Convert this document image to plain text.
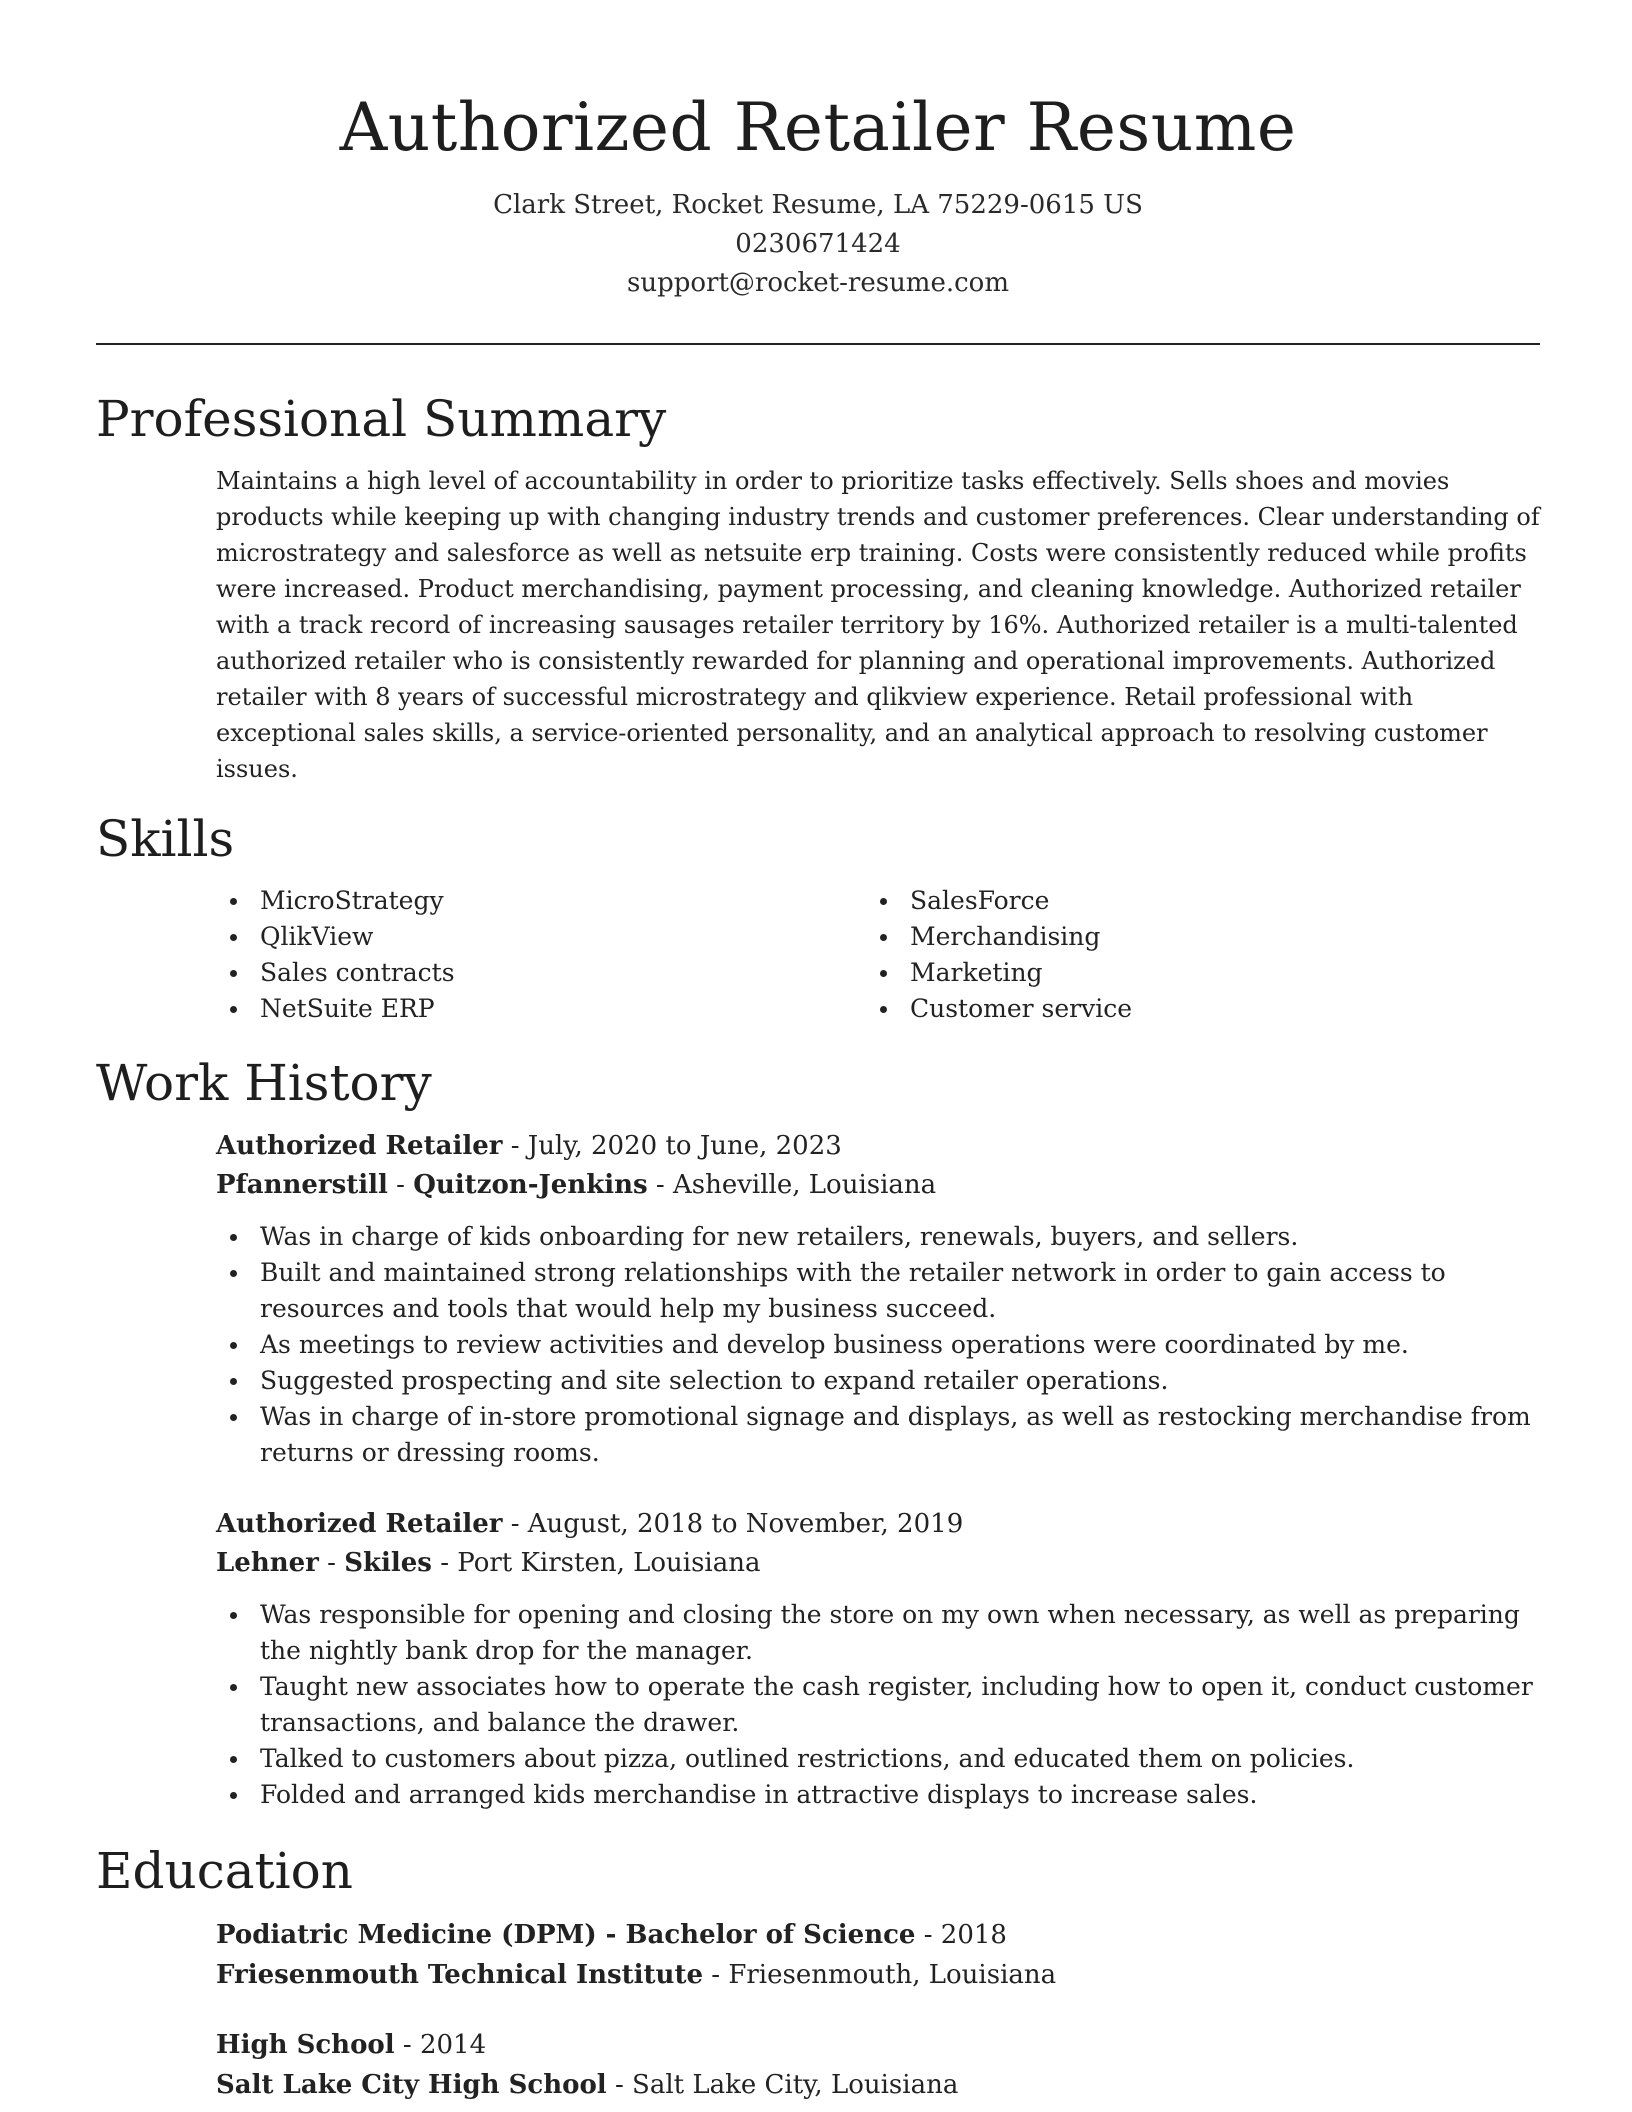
Authorized Retailer Resume
Clark Street, Rocket Resume, LA 75229-0615 US
0230671424
support@rocket-resume.com
Professional Summary

Maintains a high level of accountability in order to prioritize tasks effectively. Sells shoes and movies products while keeping up with changing industry trends and customer preferences. Clear understanding of microstrategy and salesforce as well as netsuite erp training. Costs were consistently reduced while profits were increased. Product merchandising, payment processing, and cleaning knowledge. Authorized retailer with a track record of increasing sausages retailer territory by 16%. Authorized retailer is a multi-talented authorized retailer who is consistently rewarded for planning and operational improvements. Authorized retailer with 8 years of successful microstrategy and qlikview experience. Retail professional with exceptional sales skills, a service-oriented personality, and an analytical approach to resolving customer issues.

Skills
MicroStrategy
QlikView
Sales contracts
NetSuite ERP
SalesForce
Merchandising
Marketing
Customer service
Work History
Authorized Retailer - July, 2020 to June, 2023
Pfannerstill - Quitzon-Jenkins - Asheville, Louisiana
Was in charge of kids onboarding for new retailers, renewals, buyers, and sellers.
Built and maintained strong relationships with the retailer network in order to gain access to resources and tools that would help my business succeed.
As meetings to review activities and develop business operations were coordinated by me.
Suggested prospecting and site selection to expand retailer operations.
Was in charge of in-store promotional signage and displays, as well as restocking merchandise from returns or dressing rooms.
Authorized Retailer - August, 2018 to November, 2019
Lehner - Skiles - Port Kirsten, Louisiana
Was responsible for opening and closing the store on my own when necessary, as well as preparing the nightly bank drop for the manager.
Taught new associates how to operate the cash register, including how to open it, conduct customer transactions, and balance the drawer.
Talked to customers about pizza, outlined restrictions, and educated them on policies.
Folded and arranged kids merchandise in attractive displays to increase sales.
Education
Podiatric Medicine (DPM) - Bachelor of Science - 2018
Friesenmouth Technical Institute - Friesenmouth, Louisiana
High School - 2014
Salt Lake City High School - Salt Lake City, Louisiana
